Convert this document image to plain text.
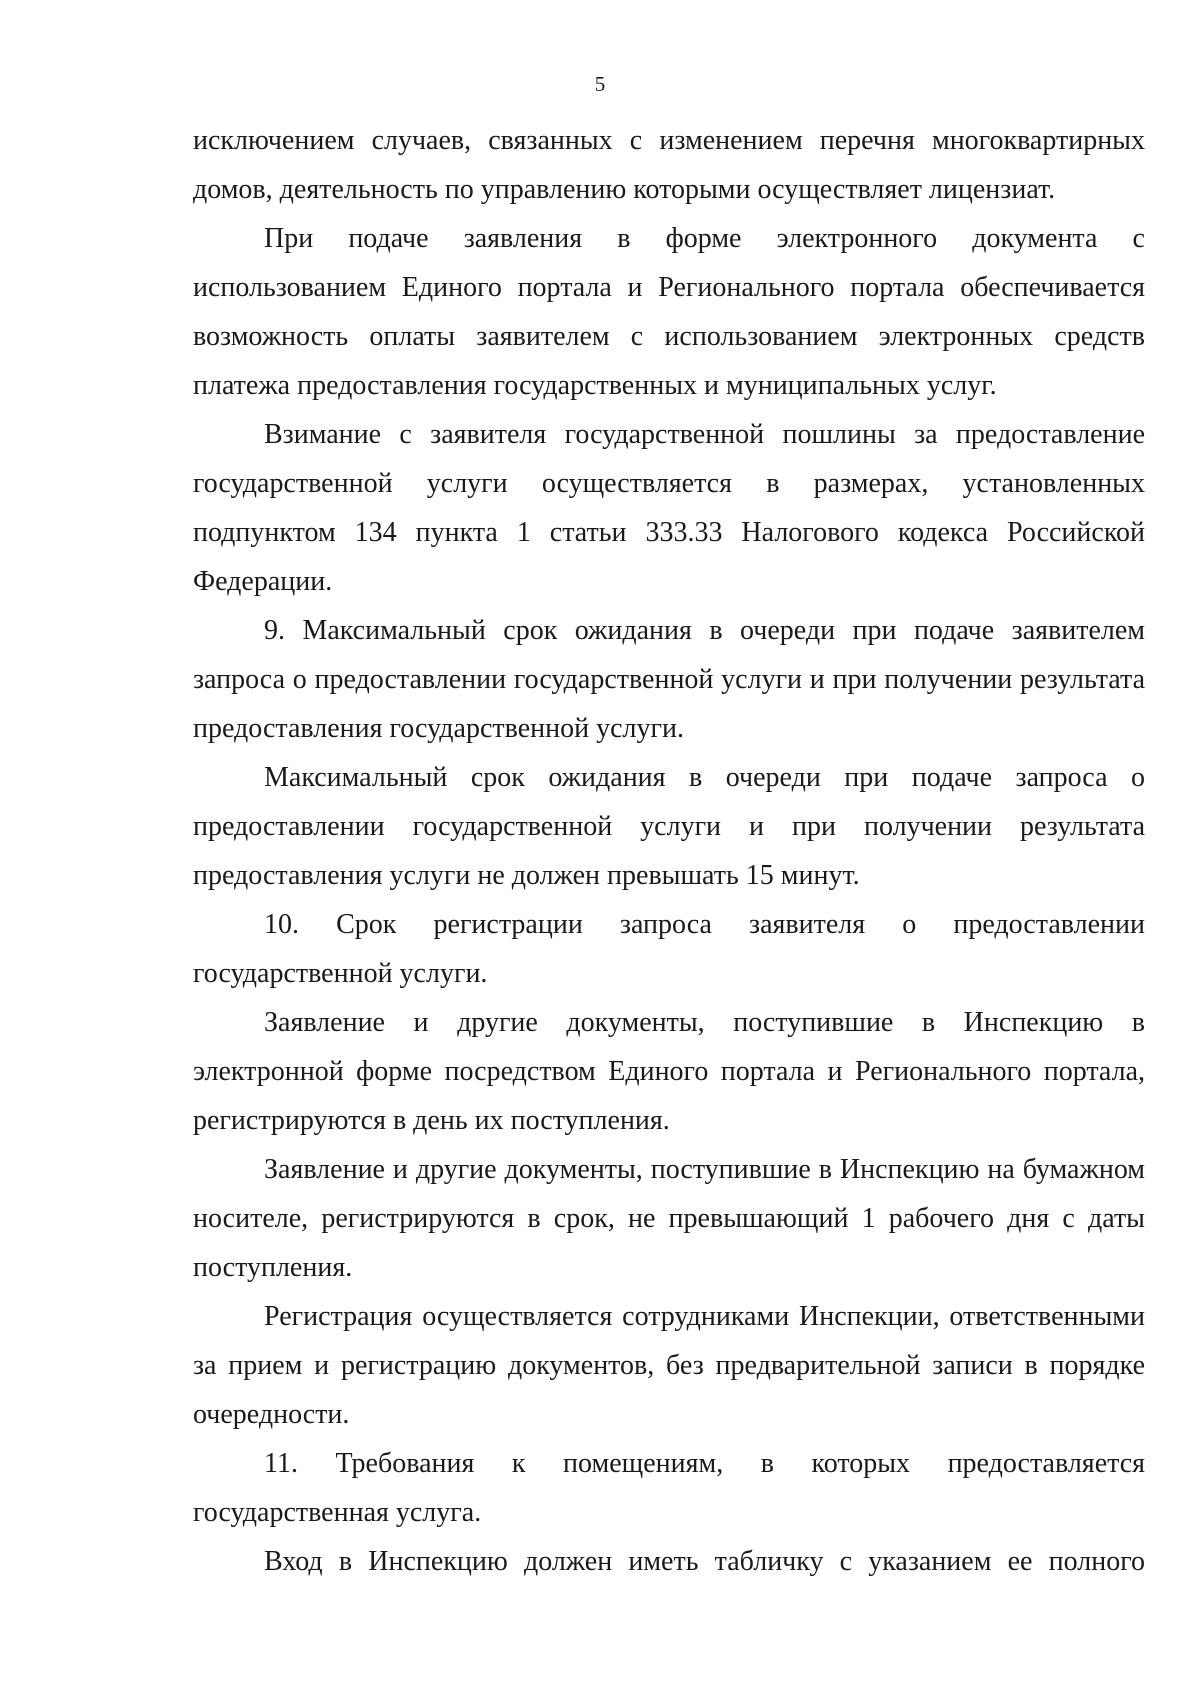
5

исключением случаев, связанных с изменением перечня многоквартирных домов, деятельность по управлению которыми осуществляет лицензиат.

При подаче заявления в форме электронного документа с использованием Единого портала и Регионального портала обеспечивается возможность оплаты заявителем с использованием электронных средств платежа предоставления государственных и муниципальных услуг.

Взимание с заявителя государственной пошлины за предоставление государственной услуги осуществляется в размерах, установленных подпунктом 134 пункта 1 статьи 333.33 Налогового кодекса Российской Федерации.

9. Максимальный срок ожидания в очереди при подаче заявителем запроса о предоставлении государственной услуги и при получении результата предоставления государственной услуги.

Максимальный срок ожидания в очереди при подаче запроса о предоставлении государственной услуги и при получении результата предоставления услуги не должен превышать 15 минут.

10. Срок регистрации запроса заявителя о предоставлении государственной услуги.

Заявление и другие документы, поступившие в Инспекцию в электронной форме посредством Единого портала и Регионального портала, регистрируются в день их поступления.

Заявление и другие документы, поступившие в Инспекцию на бумажном носителе, регистрируются в срок, не превышающий 1 рабочего дня с даты поступления.

Регистрация осуществляется сотрудниками Инспекции, ответственными за прием и регистрацию документов, без предварительной записи в порядке очередности.

11. Требования к помещениям, в которых предоставляется государственная услуга.

Вход в Инспекцию должен иметь табличку с указанием ее полного
